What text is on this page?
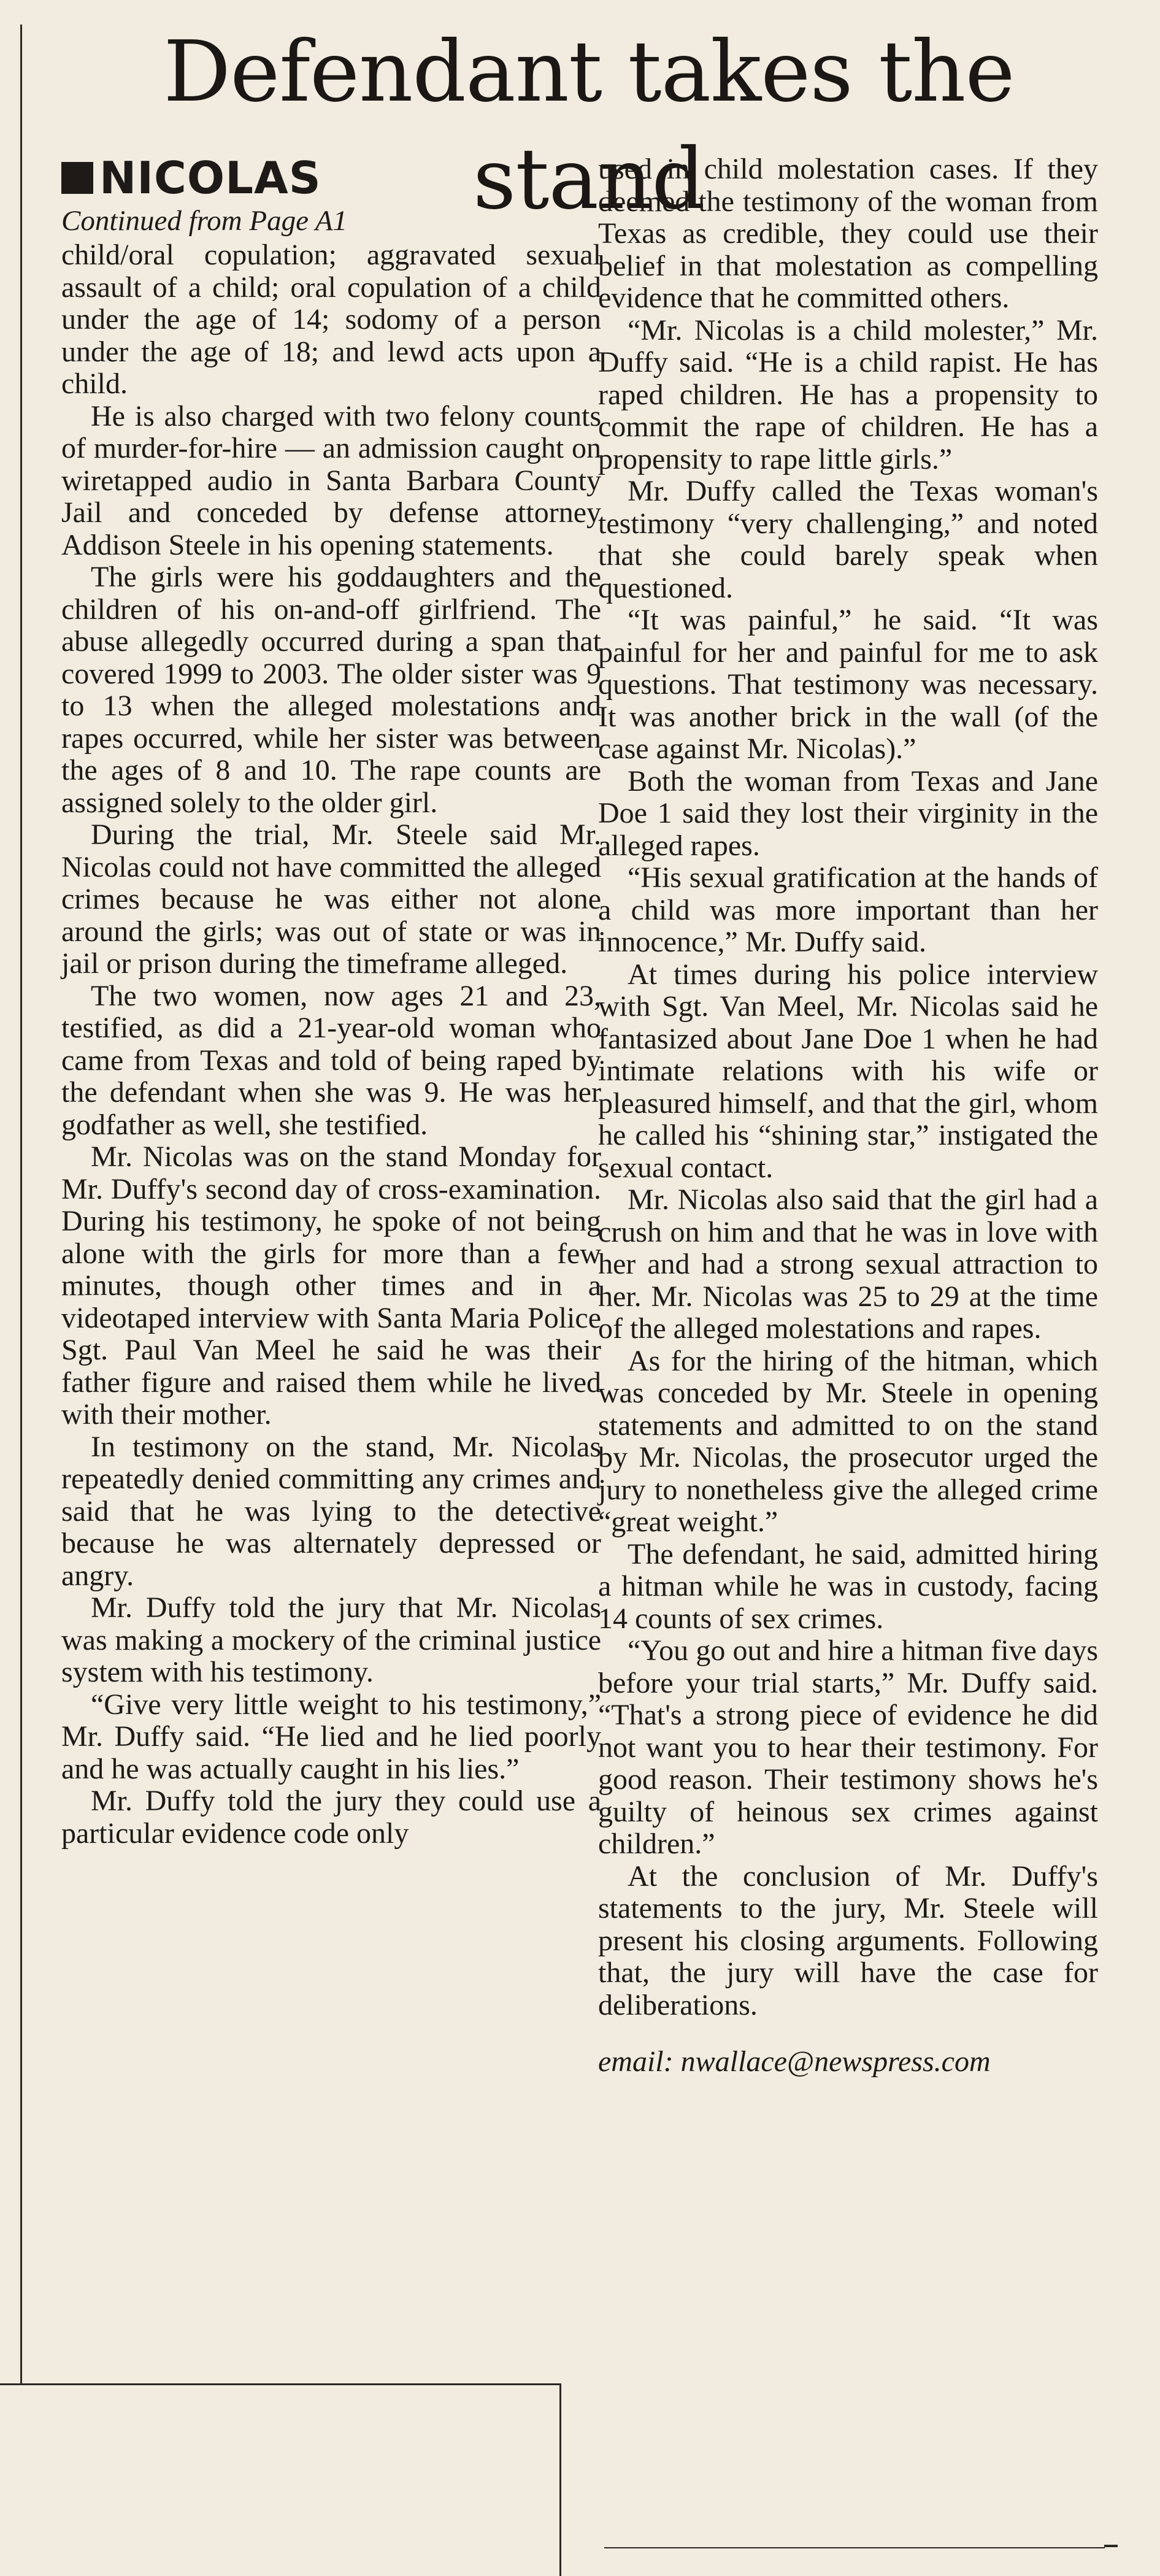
Defendant takes the stand
NICOLAS

Continued from Page A1

child/oral copulation; aggravated sexual assault of a child; oral copulation of a child under the age of 14; sodomy of a person under the age of 18; and lewd acts upon a child.

He is also charged with two felony counts of murder-for-hire — an admission caught on wiretapped audio in Santa Barbara County Jail and conceded by defense attorney Addison Steele in his opening statements.

The girls were his goddaughters and the children of his on-and-off girlfriend. The abuse allegedly occurred during a span that covered 1999 to 2003. The older sister was 9 to 13 when the alleged molestations and rapes occurred, while her sister was between the ages of 8 and 10. The rape counts are assigned solely to the older girl.

During the trial, Mr. Steele said Mr. Nicolas could not have committed the alleged crimes because he was either not alone around the girls; was out of state or was in jail or prison during the timeframe alleged.

The two women, now ages 21 and 23, testified, as did a 21-year-old woman who came from Texas and told of being raped by the defendant when she was 9. He was her godfather as well, she testified.

Mr. Nicolas was on the stand Monday for Mr. Duffy's second day of cross-examination. During his testimony, he spoke of not being alone with the girls for more than a few minutes, though other times and in a videotaped interview with Santa Maria Police Sgt. Paul Van Meel he said he was their father figure and raised them while he lived with their mother.

In testimony on the stand, Mr. Nicolas repeatedly denied committing any crimes and said that he was lying to the detective because he was alternately depressed or angry.

Mr. Duffy told the jury that Mr. Nicolas was making a mockery of the criminal justice system with his testimony.

“Give very little weight to his testimony,” Mr. Duffy said. “He lied and he lied poorly and he was actually caught in his lies.”

Mr. Duffy told the jury they could use a particular evidence code only

used in child molestation cases. If they deemed the testimony of the woman from Texas as credible, they could use their belief in that molestation as compelling evidence that he committed others.

“Mr. Nicolas is a child molester,” Mr. Duffy said. “He is a child rapist. He has raped children. He has a propensity to commit the rape of children. He has a propensity to rape little girls.”

Mr. Duffy called the Texas woman's testimony “very challenging,” and noted that she could barely speak when questioned.

“It was painful,” he said. “It was painful for her and painful for me to ask questions. That testimony was necessary. It was another brick in the wall (of the case against Mr. Nicolas).”

Both the woman from Texas and Jane Doe 1 said they lost their virginity in the alleged rapes.

“His sexual gratification at the hands of a child was more important than her innocence,” Mr. Duffy said.

At times during his police interview with Sgt. Van Meel, Mr. Nicolas said he fantasized about Jane Doe 1 when he had intimate relations with his wife or pleasured himself, and that the girl, whom he called his “shining star,” instigated the sexual contact.

Mr. Nicolas also said that the girl had a crush on him and that he was in love with her and had a strong sexual attraction to her. Mr. Nicolas was 25 to 29 at the time of the alleged molestations and rapes.

As for the hiring of the hitman, which was conceded by Mr. Steele in opening statements and admitted to on the stand by Mr. Nicolas, the prosecutor urged the jury to nonetheless give the alleged crime “great weight.”

The defendant, he said, admitted hiring a hitman while he was in custody, facing 14 counts of sex crimes.

“You go out and hire a hitman five days before your trial starts,” Mr. Duffy said. “That's a strong piece of evidence he did not want you to hear their testimony. For good reason. Their testimony shows he's guilty of heinous sex crimes against children.”

At the conclusion of Mr. Duffy's statements to the jury, Mr. Steele will present his closing arguments. Following that, the jury will have the case for deliberations.

email: nwallace@newspress.com
